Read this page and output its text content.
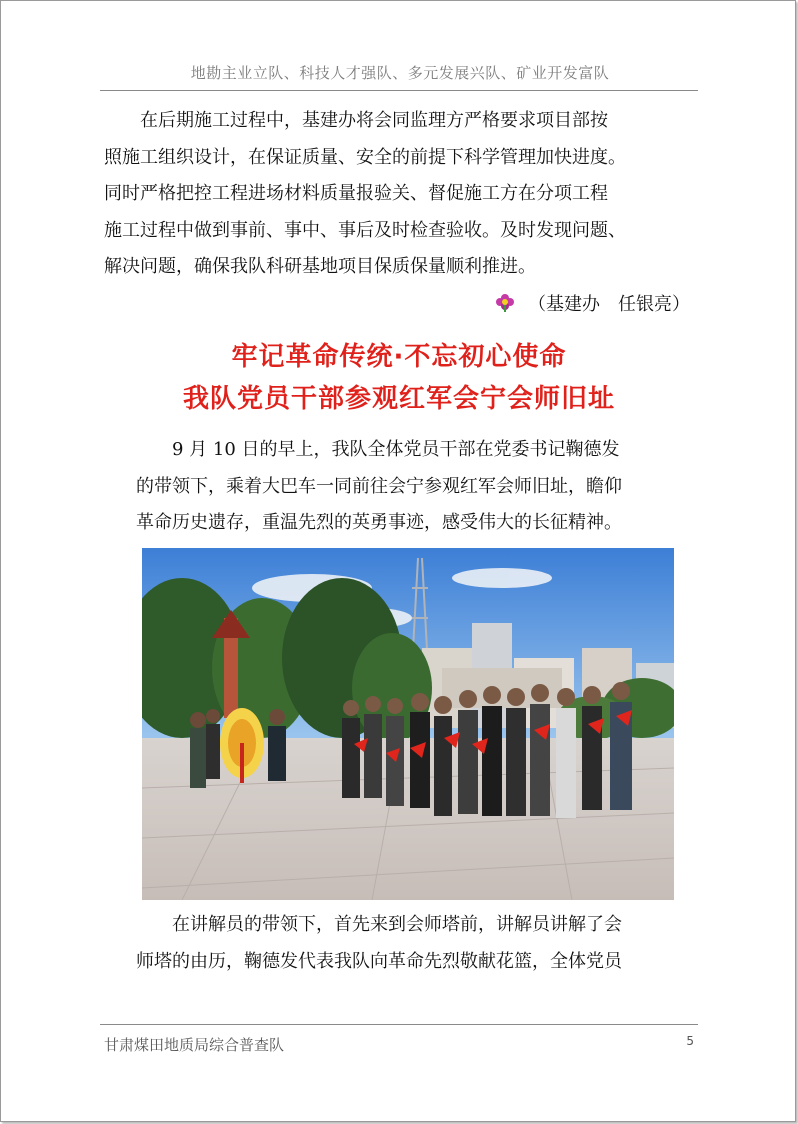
地勘主业立队、科技人才强队、多元发展兴队、矿业开发富队
　　在后期施工过程中，基建办将会同监理方严格要求项目部按
照施工组织设计，在保证质量、安全的前提下科学管理加快进度。
同时严格把控工程进场材料质量报验关、督促施工方在分项工程
施工过程中做到事前、事中、事后及时检查验收。及时发现问题、
解决问题，确保我队科研基地项目保质保量顺利推进。
（基建办　任银亮）
牢记革命传统·不忘初心使命
我队党员干部参观红军会宁会师旧址
　　9 月 10 日的早上，我队全体党员干部在党委书记鞠德发
的带领下，乘着大巴车一同前往会宁参观红军会师旧址，瞻仰
革命历史遗存，重温先烈的英勇事迹，感受伟大的长征精神。
　　在讲解员的带领下，首先来到会师塔前，讲解员讲解了会
师塔的由历，鞠德发代表我队向革命先烈敬献花篮，全体党员
甘肃煤田地质局综合普查队	5
